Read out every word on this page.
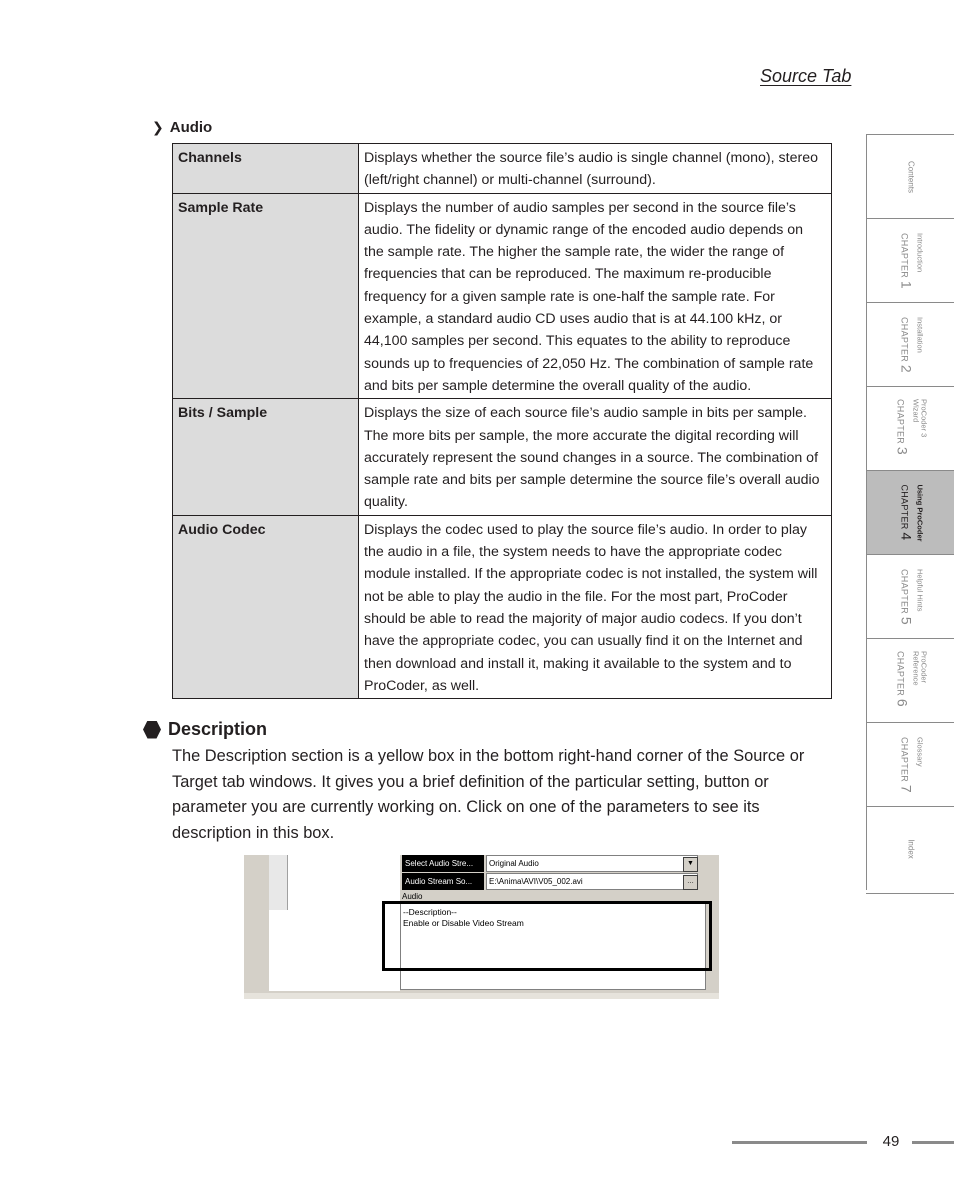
Source Tab
❯ Audio
Channels	Displays whether the source file’s audio is single channel (mono), stereo (left/right channel) or multi-channel (surround).
Sample Rate	Displays the number of audio samples per second in the source file’s audio. The fidelity or dynamic range of the encoded audio depends on the sample rate. The higher the sample rate, the wider the range of frequencies that can be reproduced. The maximum re-producible frequency for a given sample rate is one-half the sample rate. For example, a standard audio CD uses audio that is at 44.100 kHz, or 44,100 samples per second. This equates to the ability to reproduce sounds up to frequencies of 22,050 Hz. The combination of sample rate and bits per sample determine the overall quality of the audio.
Bits / Sample	Displays the size of each source file’s audio sample in bits per sample. The more bits per sample, the more accurate the digital recording will accurately represent the sound changes in a source. The combination of sample rate and bits per sample determine the source file’s overall audio quality.
Audio Codec	Displays the codec used to play the source file’s audio. In order to play the audio in a file, the system needs to have the appropriate codec module installed. If the appropriate codec is not installed, the system will not be able to play the audio in the file. For the most part, ProCoder should be able to read the majority of major audio codecs. If you don’t have the appropriate codec, you can usually find it on the Internet and then download and install it, making it available to the system and to ProCoder, as well.
Description
The Description section is a yellow box in the bottom right-hand corner of the Source or Target tab windows. It gives you a brief definition of the particular setting, button or parameter you are currently working on. Click on one of the parameters to see its description in this box.
Select Audio Stre...	Original Audio	▼
Audio Stream So...	E:\Anima\AVI\V05_002.avi	…
Audio
--Description--
Enable or Disable Video Stream
Contents
CHAPTER 1
Introduction
CHAPTER 2
Installation
CHAPTER 3
ProCoder 3 Wizard
CHAPTER 4 Using ProCoder
CHAPTER 5
Helpful Hints
CHAPTER 6
ProCoder Reference
CHAPTER 7
Glossary
Index
49
